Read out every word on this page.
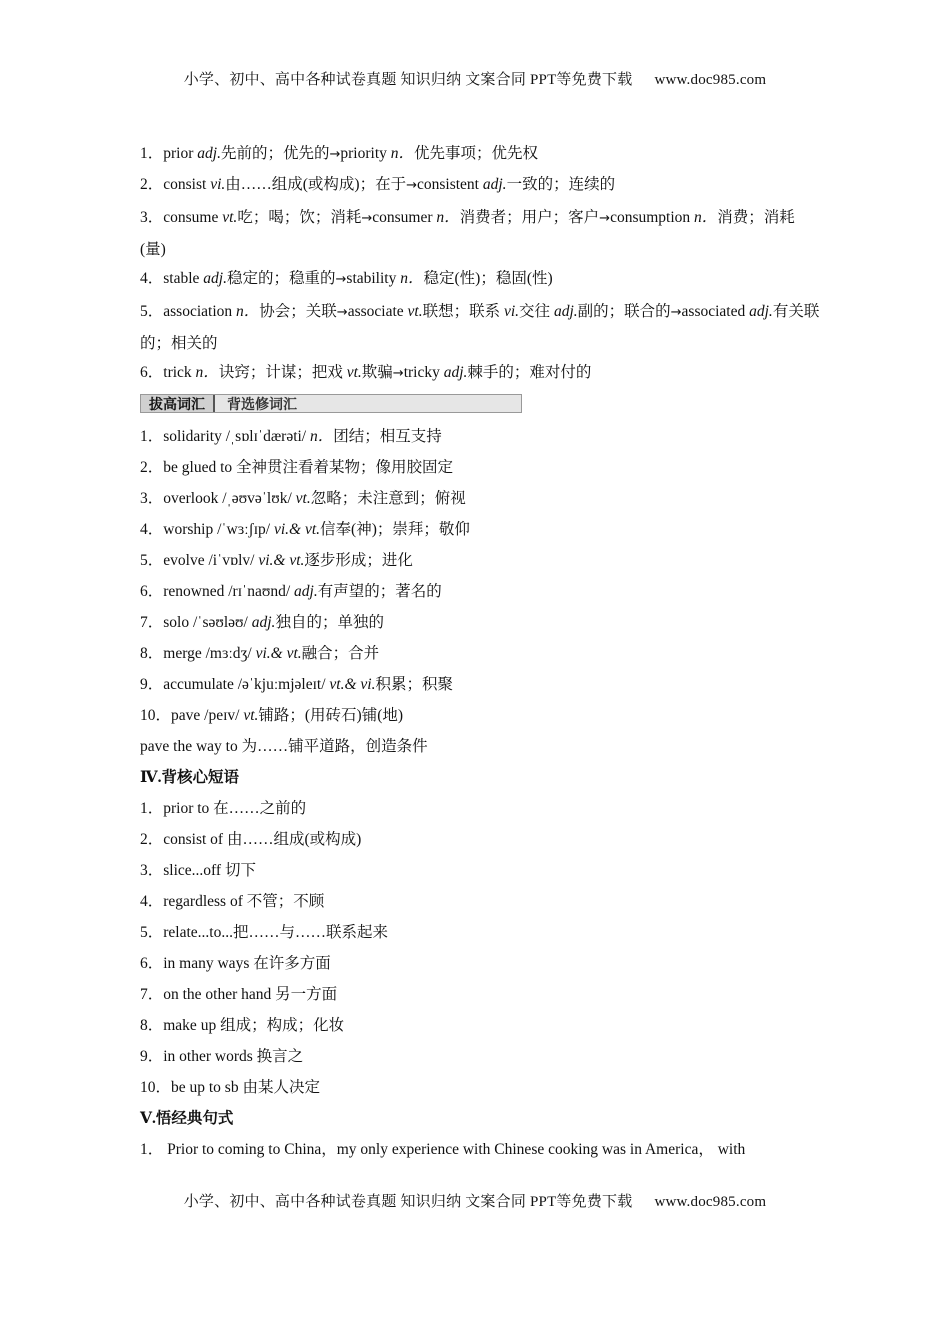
小学、初中、高中各种试卷真题 知识归纳 文案合同 PPT等免费下载 www.doc985.com
1．prior adj.先前的；优先的→priority n．优先事项；优先权
2．consist vi.由……组成(或构成)；在于→consistent adj.一致的；连续的
3．consume vt.吃；喝；饮；消耗→consumer n．消费者；用户；客户→consumption n．消费；消耗(量)
4．stable adj.稳定的；稳重的→stability n．稳定(性)；稳固(性)
5．association n．协会；关联→associate vt.联想；联系 vi.交往 adj.副的；联合的→associated adj.有关联的；相关的
6．trick n．诀窍；计谋；把戏 vt.欺骗→tricky adj.棘手的；难对付的
拔高词汇	背选修词汇
1．solidarity /ˌsɒlɪˈdærəti/ n．团结；相互支持
2．be glued to 全神贯注看着某物；像用胶固定
3．overlook /ˌəʊvəˈlʊk/ vt.忽略；未注意到；俯视
4．worship /ˈwɜːʃɪp/ vi.& vt.信奉(神)；崇拜；敬仰
5．evolve /iˈvɒlv/ vi.& vt.逐步形成；进化
6．renowned /rɪˈnaʊnd/ adj.有声望的；著名的
7．solo /ˈsəʊləʊ/ adj.独自的；单独的
8．merge /mɜːdʒ/ vi.& vt.融合；合并
9．accumulate /əˈkjuːmjəleɪt/ vt.& vi.积累；积聚
10．pave /peɪv/ vt.铺路；(用砖石)铺(地)
pave the way to 为……铺平道路，创造条件
Ⅳ.背核心短语
1．prior to 在……之前的
2．consist of 由……组成(或构成)
3．slice...off 切下
4．regardless of 不管；不顾
5．relate...to...把……与……联系起来
6．in many ways 在许多方面
7．on the other hand 另一方面
8．make up 组成；构成；化妆
9．in other words 换言之
10．be up to sb 由某人决定
Ⅴ.悟经典句式
1． Prior to coming to China，my only experience with Chinese cooking was in America， with
小学、初中、高中各种试卷真题 知识归纳 文案合同 PPT等免费下载 www.doc985.com
